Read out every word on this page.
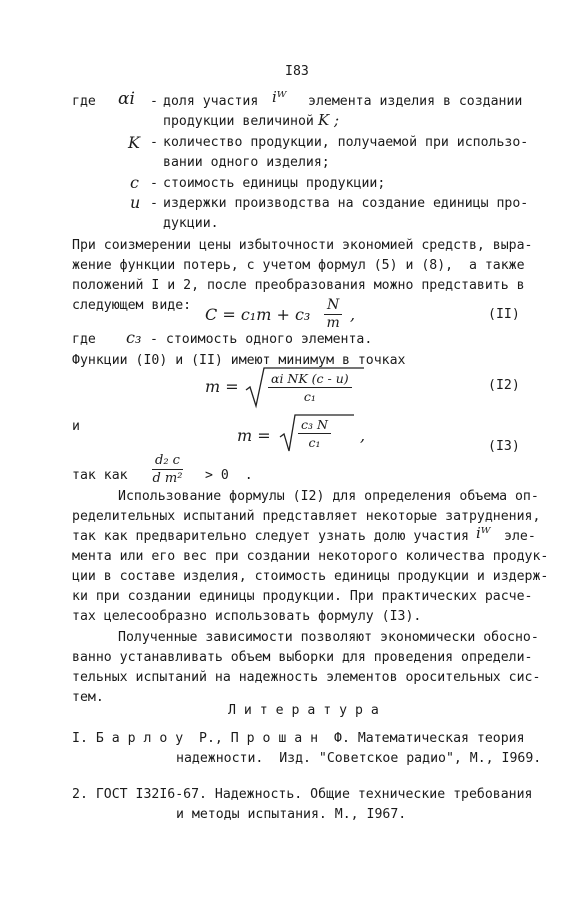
I83
где αi - доля участия iᵂ элемента изделия в создании
продукции величиной K ;
K - количество продукции, получаемой при использо-
вании одного изделия;
c - стоимость единицы продукции;
u - издержки производства на создание единицы про-
дукции.
При соизмерении цены избыточности экономией средств, выра-
жение функции потерь, с учетом формул (5) и (8),  а также
положений I и 2, после преобразования можно представить в
следующем виде: C = c₁m + c₃ N
m ,	(II)
где c₃ - стоимость одного элемента.
Функции (I0) и (II) имеют минимум в точках
m =	αi NK (c - u)
c₁
(I2)
и	m =
c₃ N
c₁ ,
(I3)
так как
d₂ c
d m² > 0  .
Использование формулы (I2) для определения объема оп-
ределительных испытаний представляет некоторые затруднения,
так как предварительно следует узнать долю участия iᵂ эле-
мента или его вес при создании некоторого количества продук-
ции в составе изделия, стоимость единицы продукции и издерж-
ки при создании единицы продукции. При практических расче-
тах целесообразно использовать формулу (I3).
Полученные зависимости позволяют экономически обосно-
ванно устанавливать объем выборки для проведения определи-
тельных испытаний на надежность элементов оросительных сис-
тем.
Л и т е р а т у р а
I. Б а р л о у  Р., П р о ш а н  Ф. Математическая теория
надежности.  Изд. "Советское радио", М., I969.
2. ГОСТ I32I6-67. Надежность. Общие технические требования
и методы испытания. М., I967.
